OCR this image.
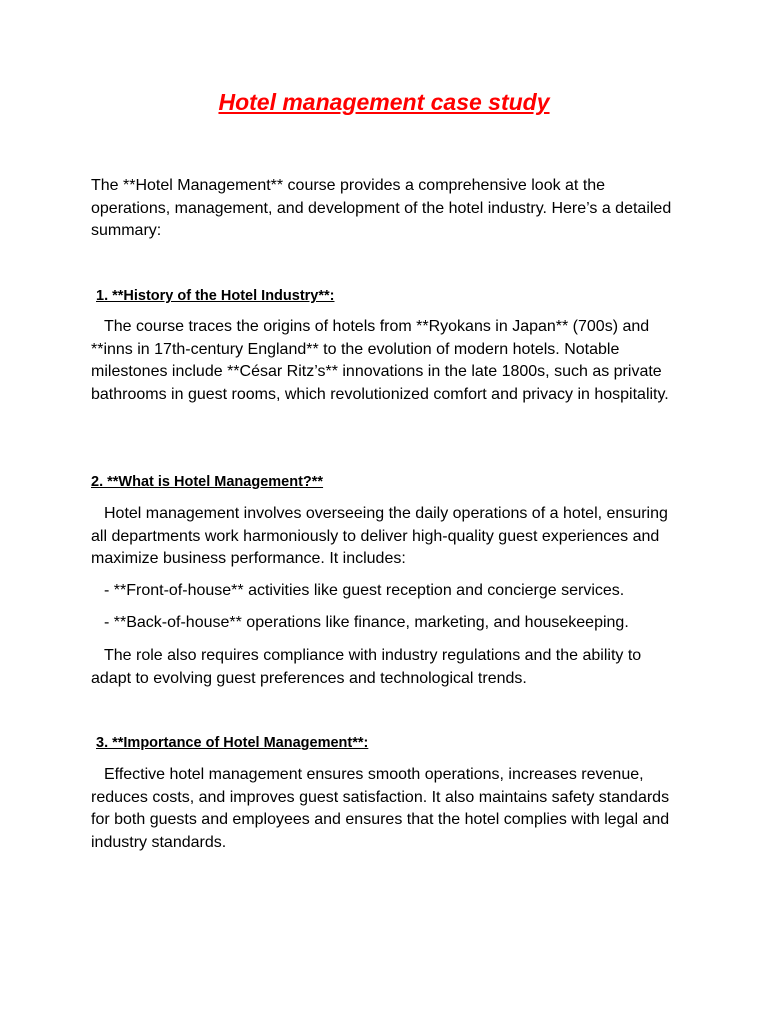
Hotel management case study
The **Hotel Management** course provides a comprehensive look at the operations, management, and development of the hotel industry. Here’s a detailed summary:
1. **History of the Hotel Industry**:
The course traces the origins of hotels from **Ryokans in Japan** (700s) and **inns in 17th-century England** to the evolution of modern hotels. Notable milestones include **César Ritz’s** innovations in the late 1800s, such as private bathrooms in guest rooms, which revolutionized comfort and privacy in hospitality.
2. **What is Hotel Management?**
Hotel management involves overseeing the daily operations of a hotel, ensuring all departments work harmoniously to deliver high-quality guest experiences and maximize business performance. It includes:
- **Front-of-house** activities like guest reception and concierge services.
- **Back-of-house** operations like finance, marketing, and housekeeping.
The role also requires compliance with industry regulations and the ability to adapt to evolving guest preferences and technological trends.
3. **Importance of Hotel Management**:
Effective hotel management ensures smooth operations, increases revenue, reduces costs, and improves guest satisfaction. It also maintains safety standards for both guests and employees and ensures that the hotel complies with legal and industry standards.
